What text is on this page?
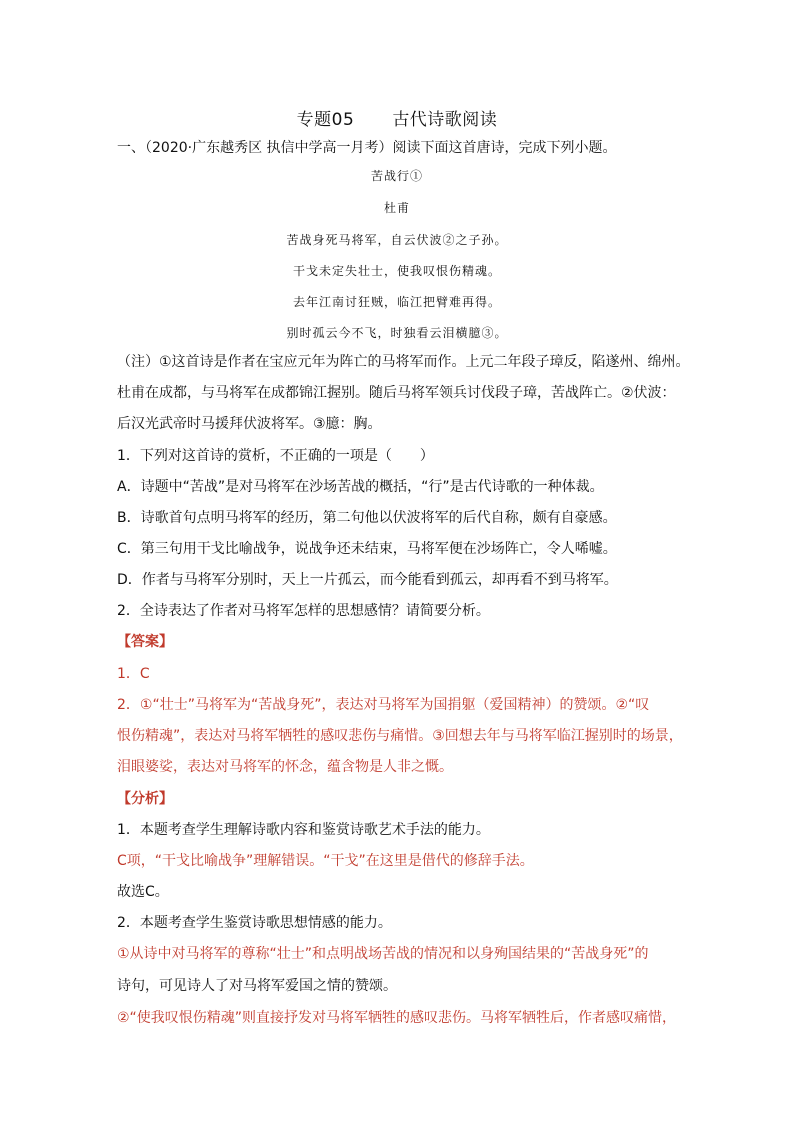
专题05 古代诗歌阅读
一、（2020·广东越秀区 执信中学高一月考）阅读下面这首唐诗，完成下列小题。
苦战行①
杜甫
苦战身死马将军，自云伏波②之子孙。
干戈未定失壮士，使我叹恨伤精魂。
去年江南讨狂贼，临江把臂难再得。
别时孤云今不飞，时独看云泪横臆③。
（注）①这首诗是作者在宝应元年为阵亡的马将军而作。上元二年段子璋反，陷遂州、绵州。
杜甫在成都，与马将军在成都锦江握别。随后马将军领兵讨伐段子璋，苦战阵亡。②伏波：
后汉光武帝时马援拜伏波将军。③臆：胸。
1．下列对这首诗的赏析，不正确的一项是（　　）
A．诗题中“苦战”是对马将军在沙场苦战的概括，“行”是古代诗歌的一种体裁。
B．诗歌首句点明马将军的经历，第二句他以伏波将军的后代自称，颇有自豪感。
C．第三句用干戈比喻战争，说战争还未结束，马将军便在沙场阵亡，令人唏嘘。
D．作者与马将军分别时，天上一片孤云，而今能看到孤云，却再看不到马将军。
2．全诗表达了作者对马将军怎样的思想感情？请简要分析。
【答案】
1．C
2．①“壮士”马将军为“苦战身死”，表达对马将军为国捐躯（爱国精神）的赞颂。②“叹
恨伤精魂”，表达对马将军牺牲的感叹悲伤与痛惜。③回想去年与马将军临江握别时的场景，
泪眼婆娑，表达对马将军的怀念，蕴含物是人非之慨。
【分析】
1．本题考查学生理解诗歌内容和鉴赏诗歌艺术手法的能力。
C项，“干戈比喻战争”理解错误。“干戈”在这里是借代的修辞手法。
故选C。
2．本题考查学生鉴赏诗歌思想情感的能力。
①从诗中对马将军的尊称“壮士”和点明战场苦战的情况和以身殉国结果的“苦战身死”的
诗句，可见诗人了对马将军爱国之情的赞颂。
②“使我叹恨伤精魂”则直接抒发对马将军牺牲的感叹悲伤。马将军牺牲后，作者感叹痛惜，
